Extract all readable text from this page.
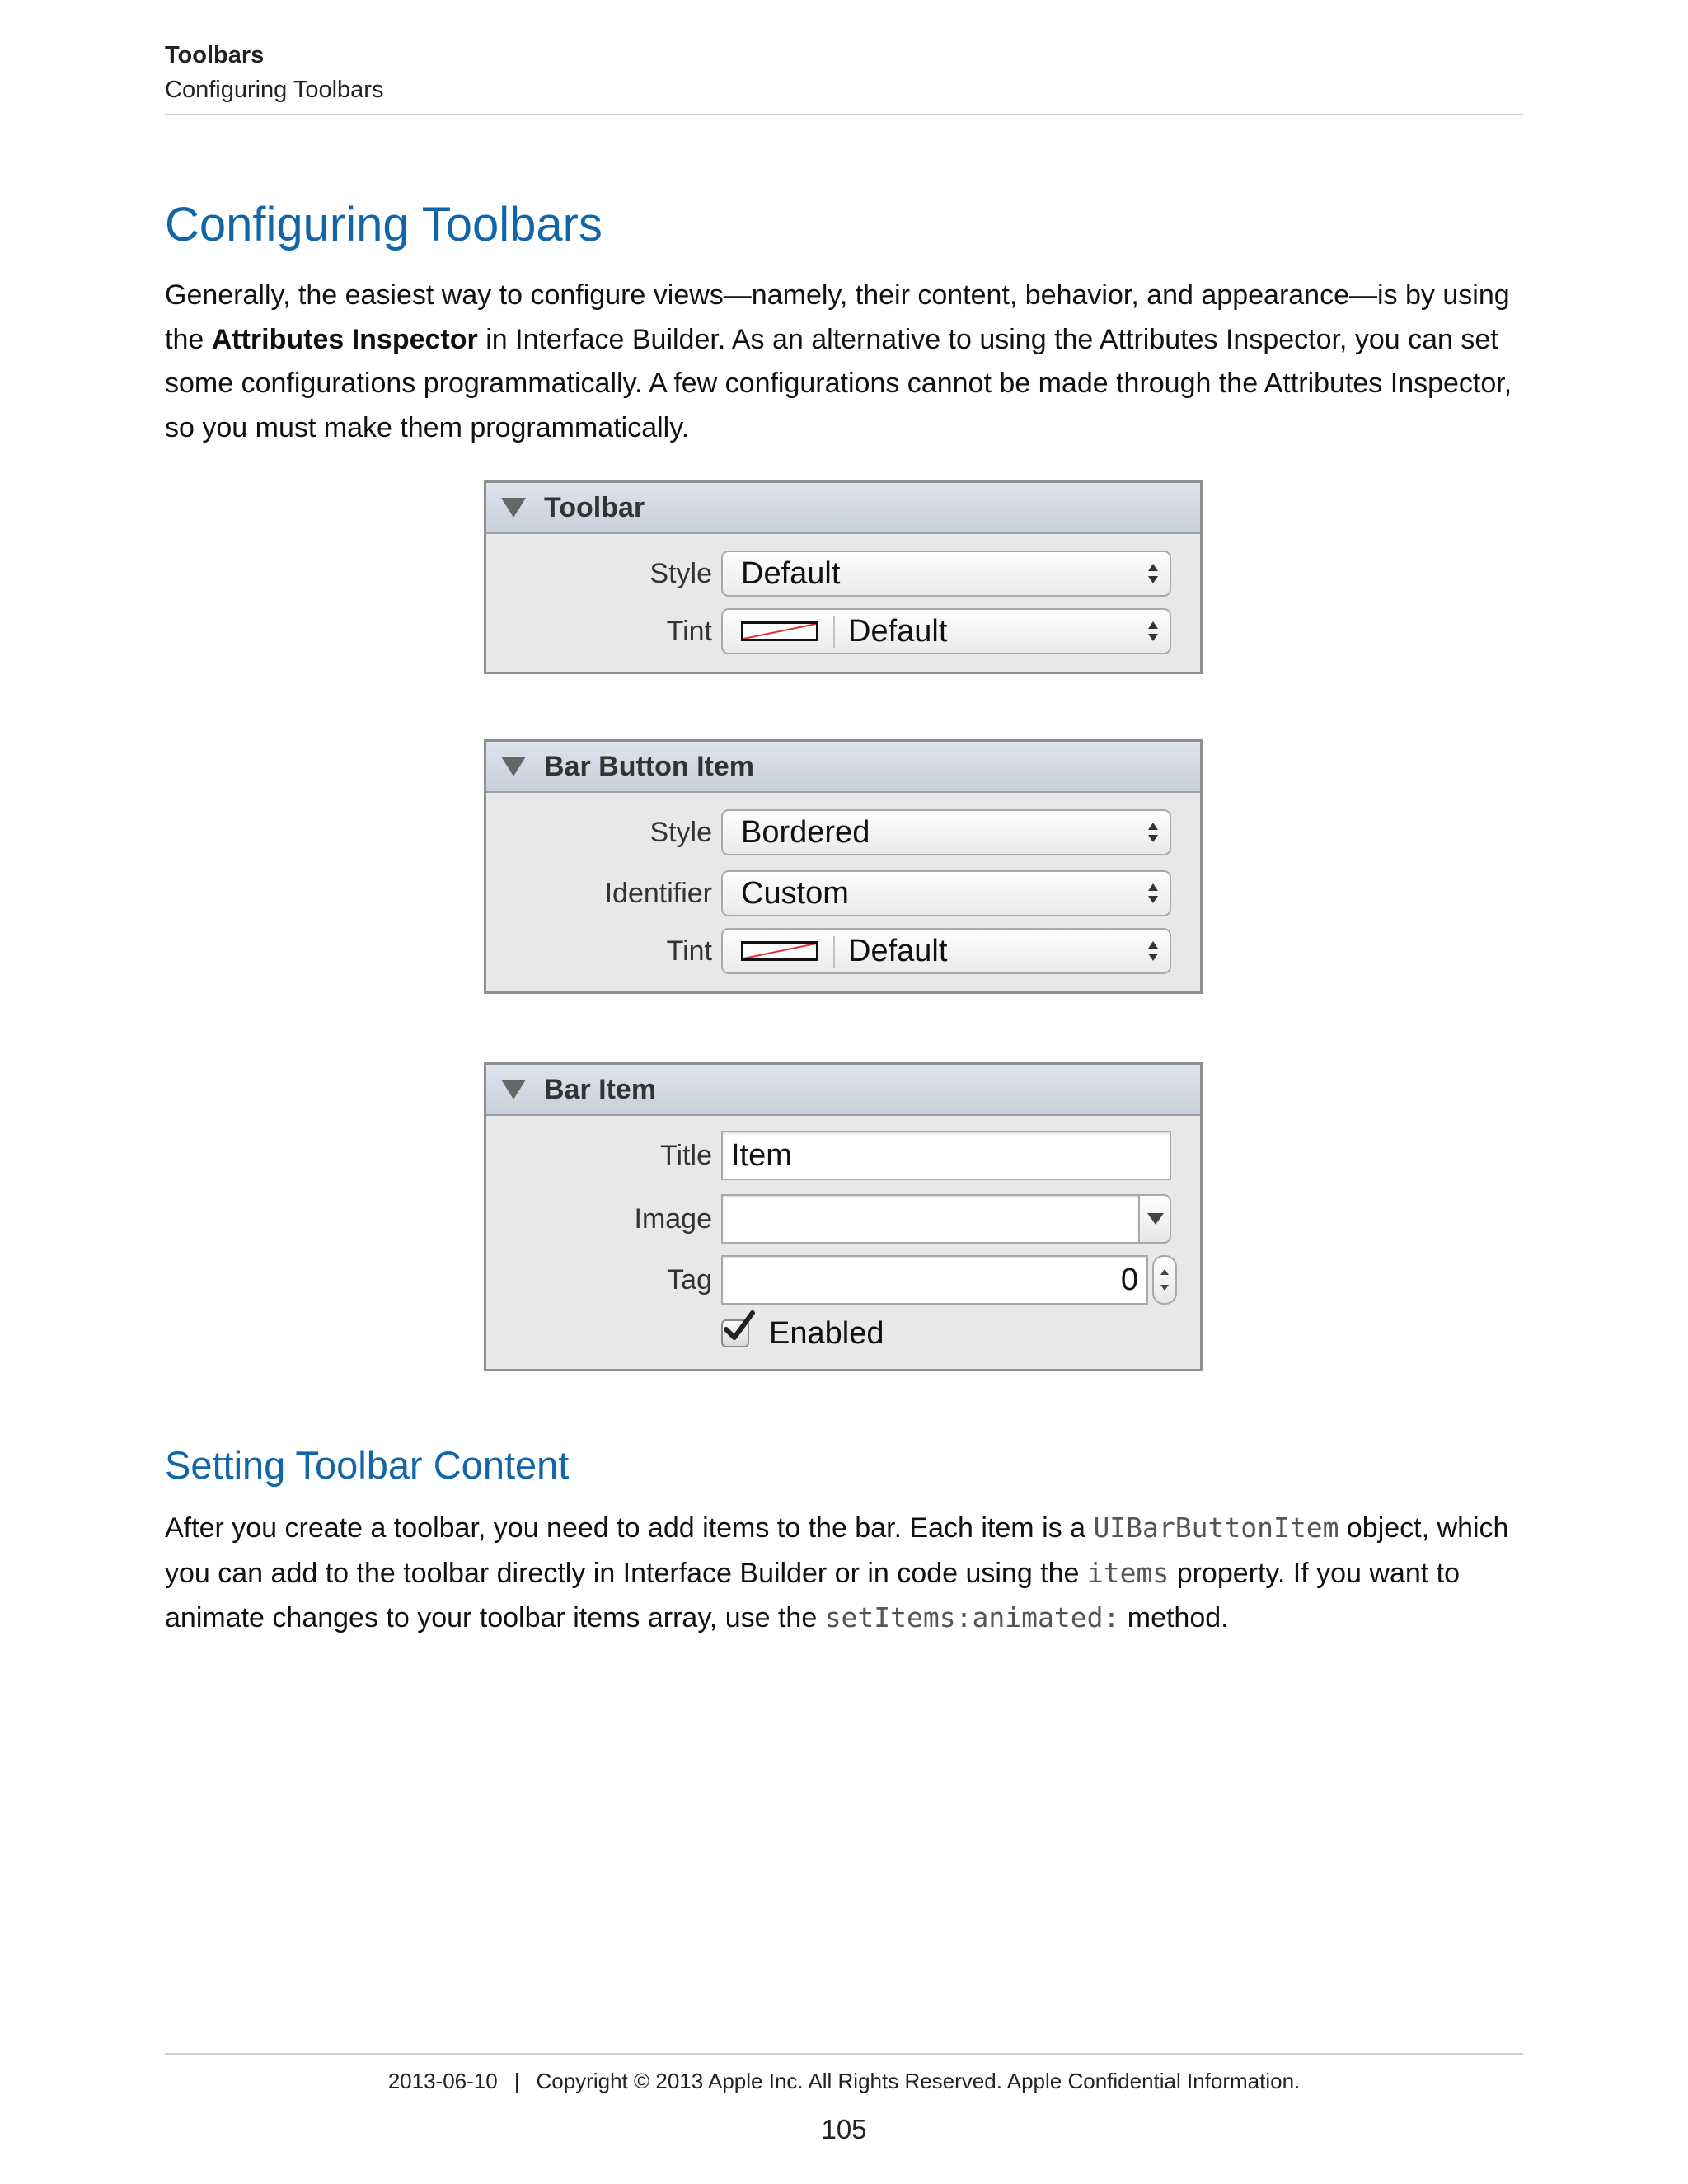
Toolbars
Configuring Toolbars
Configuring Toolbars

Generally, the easiest way to configure views—namely, their content, behavior, and appearance—is by using the Attributes Inspector in Interface Builder. As an alternative to using the Attributes Inspector, you can set some configurations programmatically. A few configurations cannot be made through the Attributes Inspector, so you must make them programmatically.

Toolbar
Style Default
Tint	Default
Bar Button Item
Style Bordered
Identifier Custom
Tint	Default
Bar Item
Title Item
Image
Tag	0
Enabled
Setting Toolbar Content

After you create a toolbar, you need to add items to the bar. Each item is a UIBarButtonItem object, which you can add to the toolbar directly in Interface Builder or in code using the items property. If you want to animate changes to your toolbar items array, use the setItems:animated: method.

2013-06-10 | Copyright © 2013 Apple Inc. All Rights Reserved. Apple Confidential Information.
105
